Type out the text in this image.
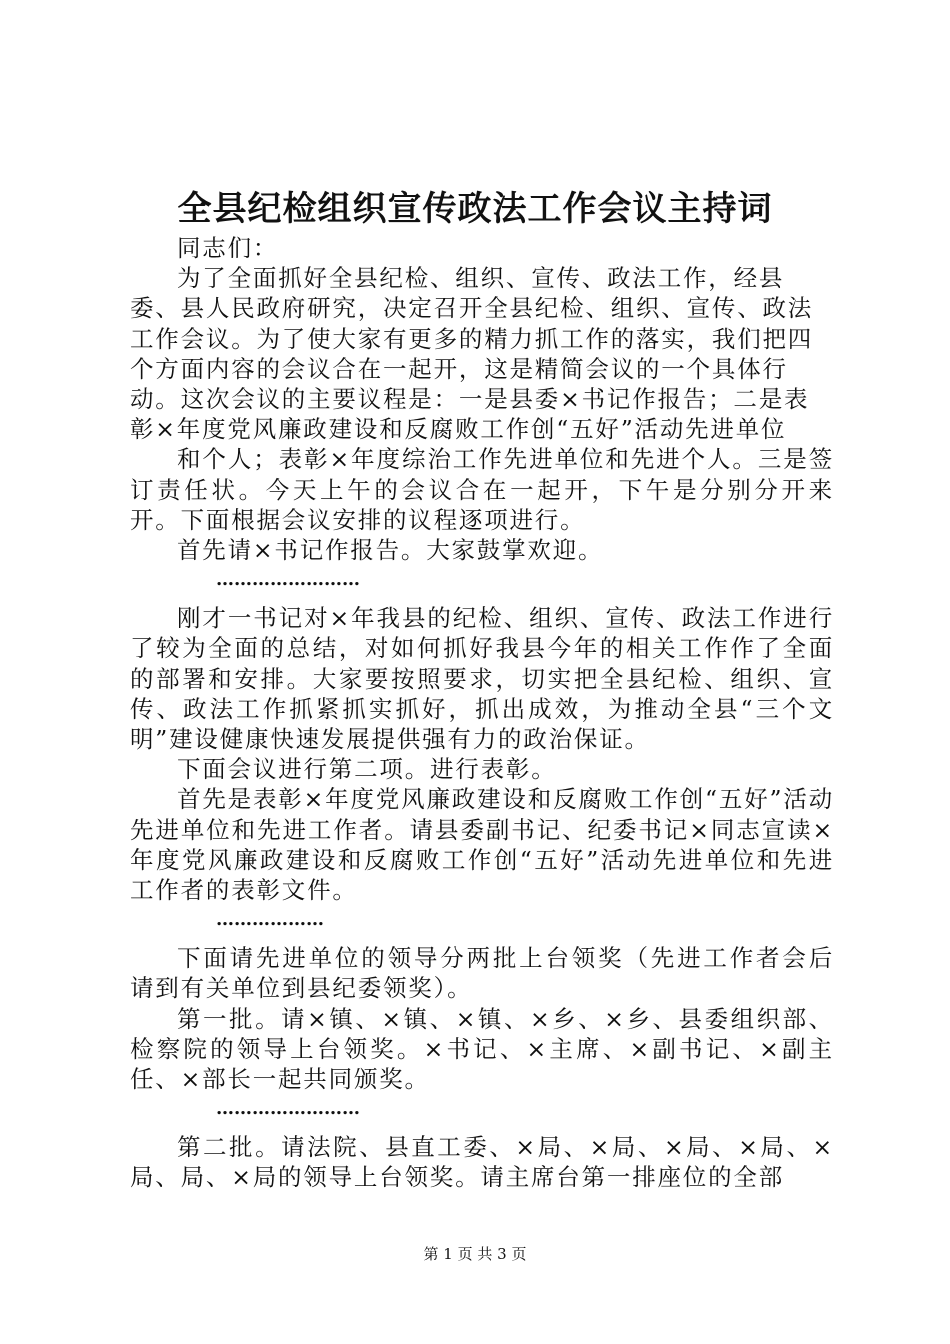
全县纪检组织宣传政法工作会议主持词

同志们：

为了全面抓好全县纪检、组织、宣传、政法工作，经县委、县人民政府研究，决定召开全县纪检、组织、宣传、政法工作会议。为了使大家有更多的精力抓工作的落实，我们把四个方面内容的会议合在一起开，这是精简会议的一个具体行动。这次会议的主要议程是：一是县委×书记作报告；二是表彰×年度党风廉政建设和反腐败工作创“五好”活动先进单位

和个人；表彰×年度综治工作先进单位和先进个人。三是签订责任状。今天上午的会议合在一起开，下午是分别分开来开。下面根据会议安排的议程逐项进行。

首先请×书记作报告。大家鼓掌欢迎。

……………………

刚才一书记对×年我县的纪检、组织、宣传、政法工作进行了较为全面的总结，对如何抓好我县今年的相关工作作了全面的部署和安排。大家要按照要求，切实把全县纪检、组织、宣传、政法工作抓紧抓实抓好，抓出成效，为推动全县“三个文明”建设健康快速发展提供强有力的政治保证。

下面会议进行第二项。进行表彰。

首先是表彰×年度党风廉政建设和反腐败工作创“五好”活动先进单位和先进工作者。请县委副书记、纪委书记×同志宣读×年度党风廉政建设和反腐败工作创“五好”活动先进单位和先进工作者的表彰文件。

………………

下面请先进单位的领导分两批上台领奖（先进工作者会后请到有关单位到县纪委领奖）。

第一批。请×镇、×镇、×镇、×乡、×乡、县委组织部、检察院的领导上台领奖。×书记、×主席、×副书记、×副主任、×部长一起共同颁奖。

……………………

第二批。请法院、县直工委、×局、×局、×局、×局、×局、局、×局的领导上台领奖。请主席台第一排座位的全部

第 1 页 共 3 页
